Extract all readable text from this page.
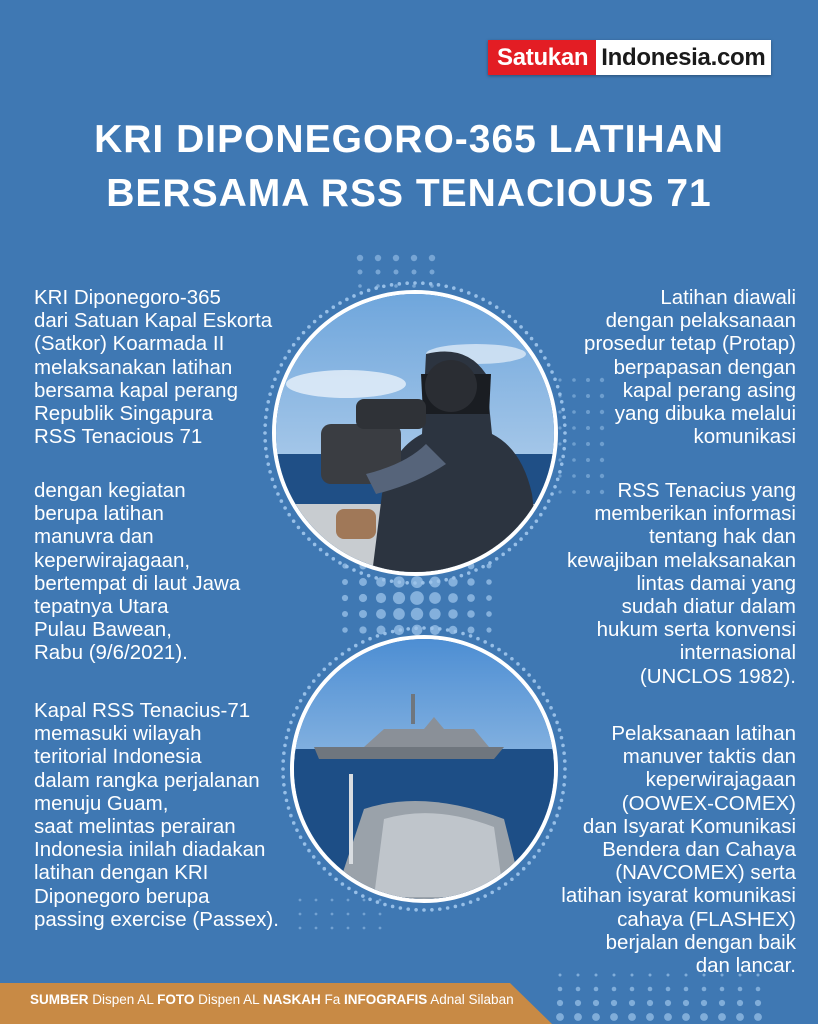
Satukan Indonesia.com
KRI DIPONEGORO-365 LATIHAN
BERSAMA RSS TENACIOUS 71

KRI Diponegoro-365
dari Satuan Kapal Eskorta
(Satkor) Koarmada II
melaksanakan latihan
bersama kapal perang
Republik Singapura
RSS Tenacious 71

dengan kegiatan
berupa latihan
manuvra dan
keperwirajagaan,
bertempat di laut Jawa
tepatnya Utara
Pulau Bawean,
Rabu (9/6/2021).

Kapal RSS Tenacius-71
memasuki wilayah
teritorial Indonesia
dalam rangka perjalanan
menuju Guam,
saat melintas perairan
Indonesia inilah diadakan
latihan dengan KRI
Diponegoro berupa
passing exercise (Passex).

Latihan diawali
dengan pelaksanaan
prosedur tetap (Protap)
berpapasan dengan
kapal perang asing
yang dibuka melalui
komunikasi

RSS Tenacius yang
memberikan informasi
tentang hak dan
kewajiban melaksanakan
lintas damai yang
sudah diatur dalam
hukum serta konvensi
internasional
(UNCLOS 1982).

Pelaksanaan latihan
manuver taktis dan
keperwirajagaan
(OOWEX-COMEX)
dan Isyarat Komunikasi
Bendera dan Cahaya
(NAVCOMEX) serta
latihan isyarat komunikasi
cahaya (FLASHEX)
berjalan dengan baik
dan lancar.

SUMBER Dispen AL FOTO Dispen AL NASKAH Fa INFOGRAFIS Adnal Silaban
